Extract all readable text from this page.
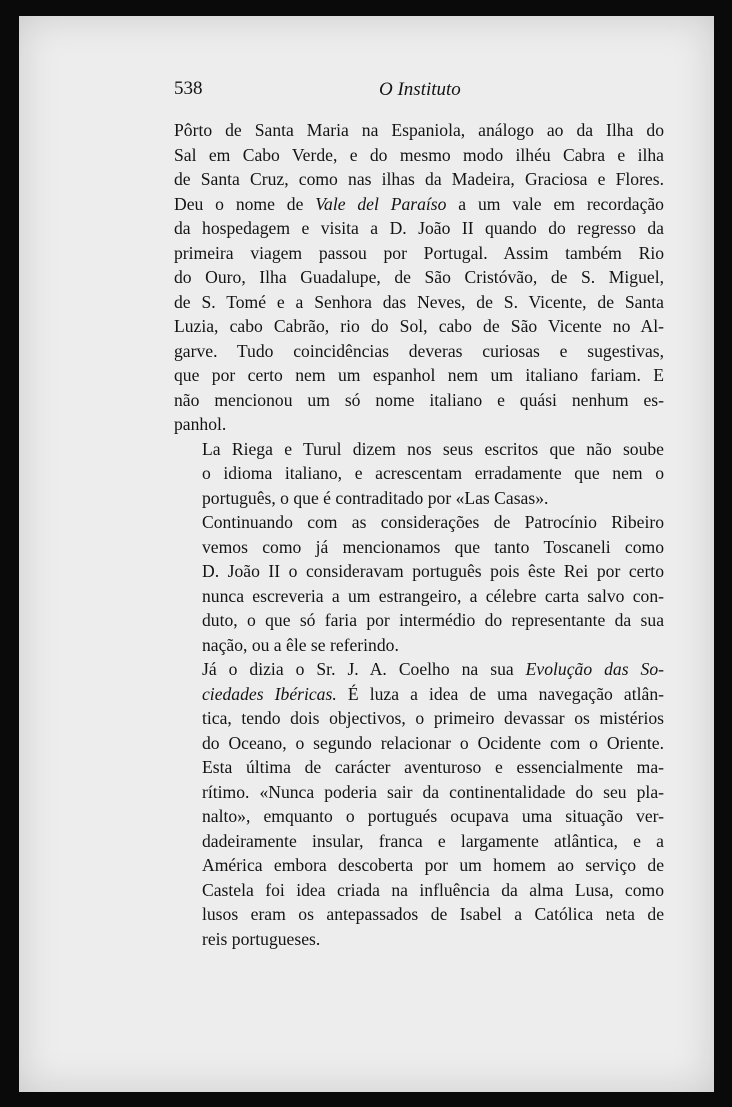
538	O Instituto

Pôrto de Santa Maria na Espaniola, análogo ao da Ilha do
Sal em Cabo Verde, e do mesmo modo ilhéu Cabra e ilha
de Santa Cruz, como nas ilhas da Madeira, Graciosa e Flores.
Deu o nome de Vale del Paraíso a um vale em recordação
da hospedagem e visita a D. João II quando do regresso da
primeira viagem passou por Portugal. Assim também Rio
do Ouro, Ilha Guadalupe, de São Cristóvão, de S. Miguel,
de S. Tomé e a Senhora das Neves, de S. Vicente, de Santa
Luzia, cabo Cabrão, rio do Sol, cabo de São Vicente no Al-
garve. Tudo coincidências deveras curiosas e sugestivas,
que por certo nem um espanhol nem um italiano fariam. E
não mencionou um só nome italiano e quási nenhum es-
panhol.

La Riega e Turul dizem nos seus escritos que não soube
o idioma italiano, e acrescentam erradamente que nem o
português, o que é contraditado por «Las Casas».

Continuando com as considerações de Patrocínio Ribeiro
vemos como já mencionamos que tanto Toscaneli como
D. João II o consideravam português pois êste Rei por certo
nunca escreveria a um estrangeiro, a célebre carta salvo con-
duto, o que só faria por intermédio do representante da sua
nação, ou a êle se referindo.

Já o dizia o Sr. J. A. Coelho na sua Evolução das So-
ciedades Ibéricas. É luza a idea de uma navegação atlân-
tica, tendo dois objectivos, o primeiro devassar os mistérios
do Oceano, o segundo relacionar o Ocidente com o Oriente.
Esta última de carácter aventuroso e essencialmente ma-
rítimo. «Nunca poderia sair da continentalidade do seu pla-
nalto», emquanto o portugués ocupava uma situação ver-
dadeiramente insular, franca e largamente atlântica, e a
América embora descoberta por um homem ao serviço de
Castela foi idea criada na influência da alma Lusa, como
lusos eram os antepassados de Isabel a Católica neta de
reis portugueses.
